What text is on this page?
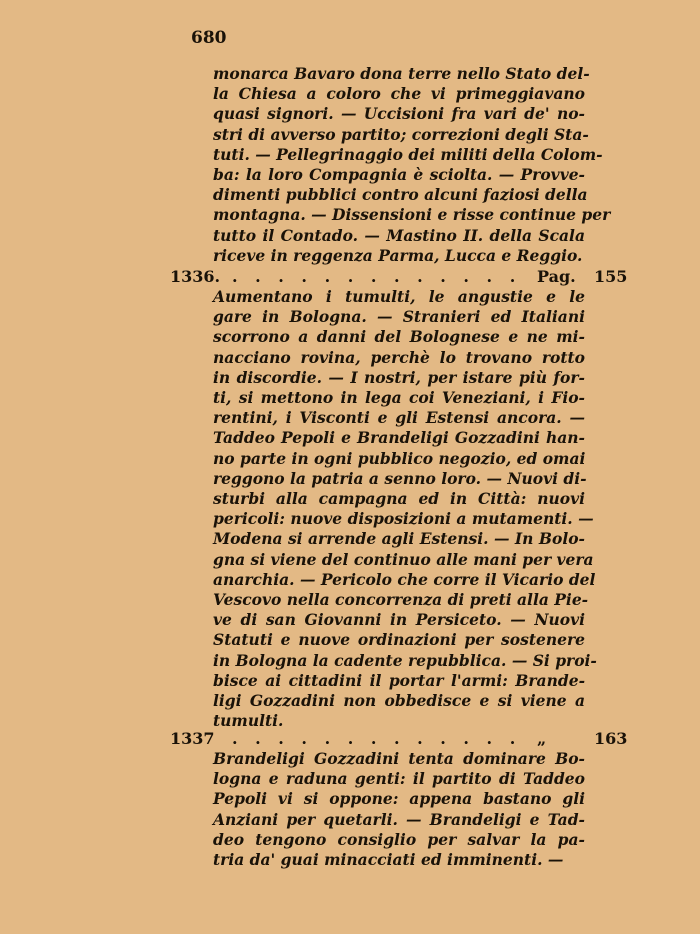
680
monarca Bavaro dona terre nello Stato del-
la Chiesa a coloro che vi primeggiavano
quasi signori. — Uccisioni fra vari de' no-
stri di avverso partito; correzioni degli Sta-
tuti. — Pellegrinaggio dei militi della Colom-
ba: la loro Compagnia è sciolta. — Provve-
dimenti pubblici contro alcuni faziosi della
montagna. — Dissensioni e risse continue per
tutto il Contado. — Mastino II. della Scala
riceve in reggenza Parma, Lucca e Reggio.
1336. . . . . . . . . . . . . . Pag. 155
Aumentano i tumulti, le angustie e le
gare in Bologna. — Stranieri ed Italiani
scorrono a danni del Bolognese e ne mi-
nacciano rovina, perchè lo trovano rotto
in discordie. — I nostri, per istare più for-
ti, si mettono in lega coi Veneziani, i Fio-
rentini, i Visconti e gli Estensi ancora. —
Taddeo Pepoli e Brandeligi Gozzadini han-
no parte in ogni pubblico negozio, ed omai
reggono la patria a senno loro. — Nuovi di-
sturbi alla campagna ed in Città: nuovi
pericoli: nuove disposizioni a mutamenti. —
Modena si arrende agli Estensi. — In Bolo-
gna si viene del continuo alle mani per vera
anarchia. — Pericolo che corre il Vicario del
Vescovo nella concorrenza di preti alla Pie-
ve di san Giovanni in Persiceto. — Nuovi
Statuti e nuove ordinazioni per sostenere
in Bologna la cadente repubblica. — Si proi-
bisce ai cittadini il portar l'armi: Brande-
ligi Gozzadini non obbedisce e si viene a
tumulti.
1337 . . . . . . . . . . . . . „	163
Brandeligi Gozzadini tenta dominare Bo-
logna e raduna genti: il partito di Taddeo
Pepoli vi si oppone: appena bastano gli
Anziani per quetarli. — Brandeligi e Tad-
deo tengono consiglio per salvar la pa-
tria da' guai minacciati ed imminenti. —
